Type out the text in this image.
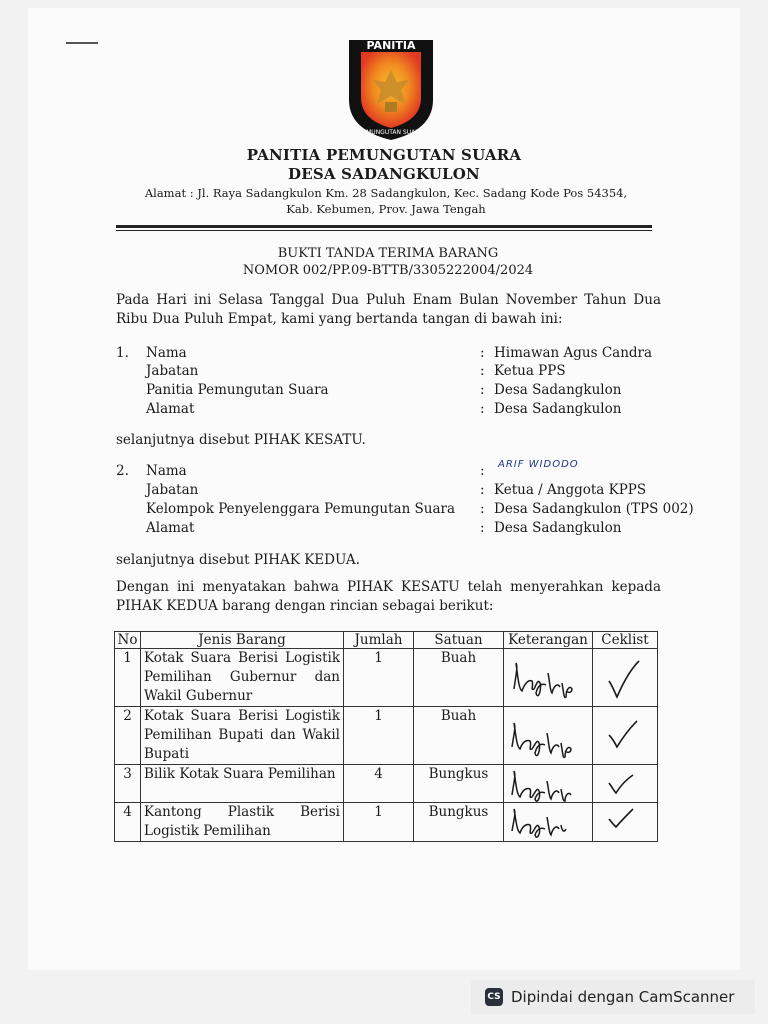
PANITIA
PEMUNGUTAN SUARA
PANITIA PEMUNGUTAN SUARA
DESA SADANGKULON
Alamat : Jl. Raya Sadangkulon Km. 28 Sadangkulon, Kec. Sadang Kode Pos 54354,
Kab. Kebumen, Prov. Jawa Tengah
BUKTI TANDA TERIMA BARANG
NOMOR 002/PP.09-BTTB/3305222004/2024
Pada Hari ini Selasa Tanggal Dua Puluh Enam Bulan November Tahun Dua
Ribu Dua Puluh Empat, kami yang bertanda tangan di bawah ini:
1. Nama	: Himawan Agus Candra
Jabatan	: Ketua PPS
Panitia Pemungutan Suara	: Desa Sadangkulon
Alamat	: Desa Sadangkulon
selanjutnya disebut PIHAK KESATU.
2. Nama	: ARIF WIDODO
Jabatan	: Ketua / Anggota KPPS
Kelompok Penyelenggara Pemungutan Suara : Desa Sadangkulon (TPS 002)
Alamat	: Desa Sadangkulon
selanjutnya disebut PIHAK KEDUA.
Dengan ini menyatakan bahwa PIHAK KESATU telah menyerahkan kepada
PIHAK KEDUA barang dengan rincian sebagai berikut:
No	Jenis Barang	Jumlah	Satuan	Keterangan	Ceklist
1	Kotak Suara Berisi Logistik Pemilihan Gubernur dan Wakil Gubernur	1	Buah	

2	Kotak Suara Berisi Logistik Pemilihan Bupati dan Wakil Bupati	1	Buah	

3	Bilik Kotak Suara Pemilihan	4	Bungkus	

4	Kantong Plastik Berisi Logistik Pemilihan	1	Bungkus	

CS Dipindai dengan CamScanner
